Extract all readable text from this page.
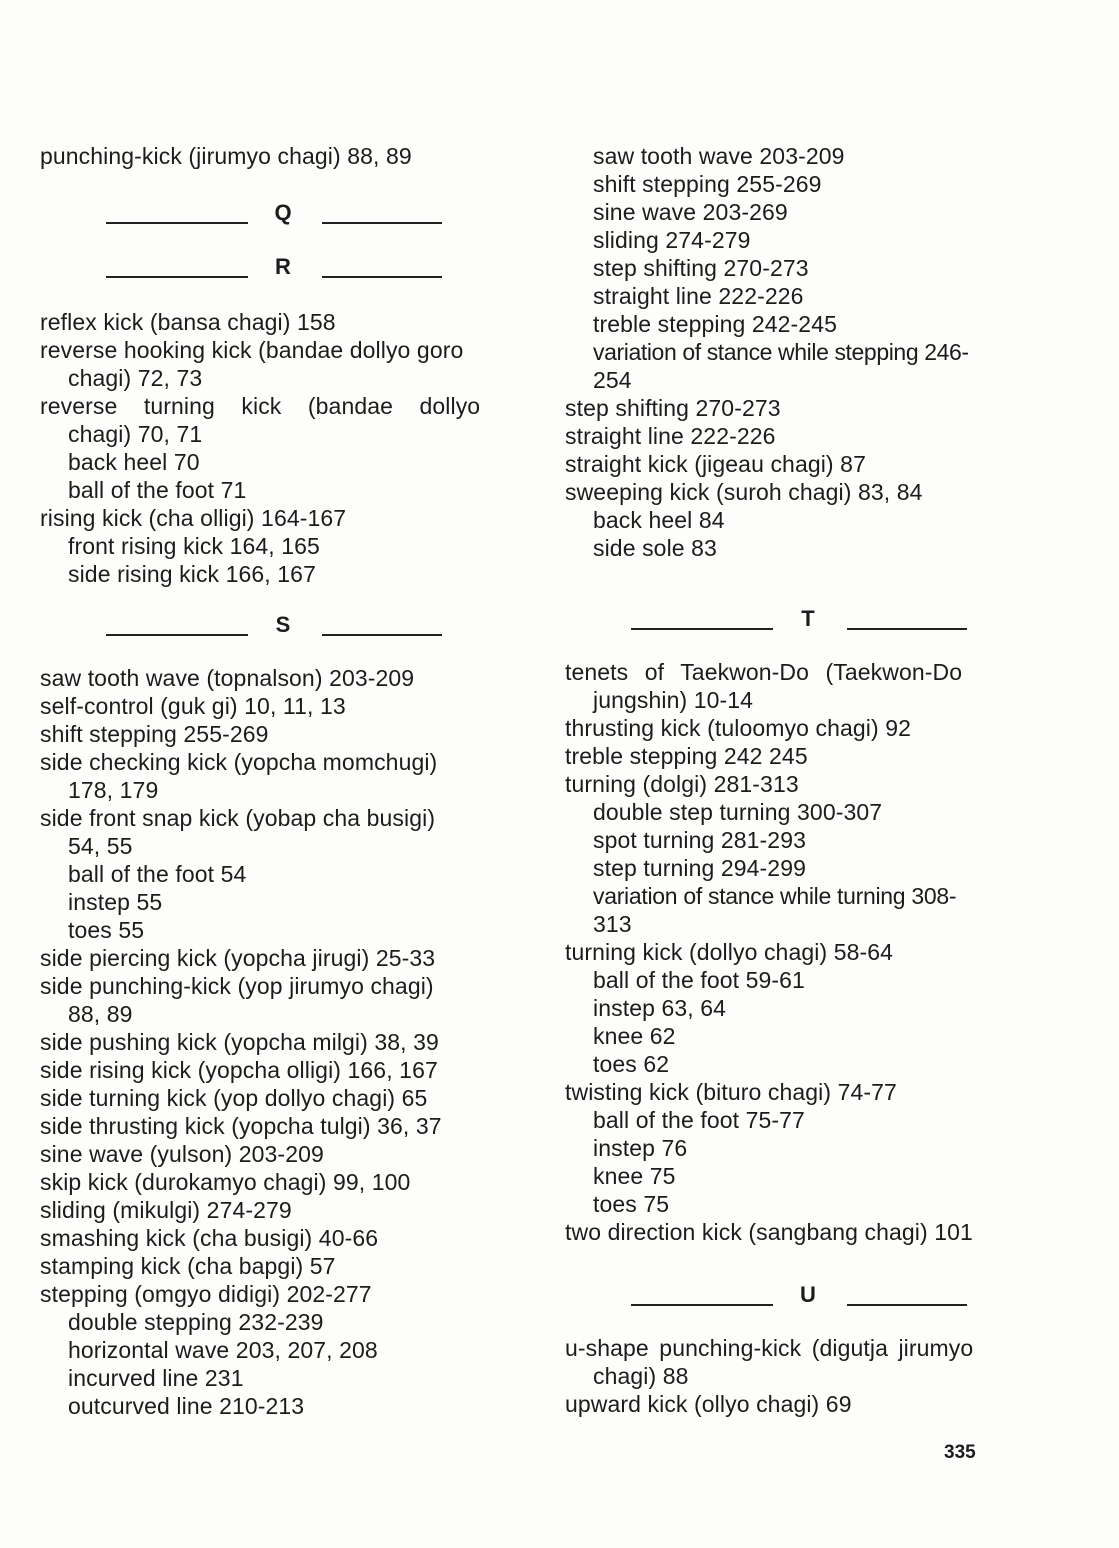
punching-kick (jirumyo chagi) 88, 89
Q
R
reflex kick (bansa chagi) 158
reverse hooking kick (bandae dollyo goro
chagi) 72, 73
reverse turning kick (bandae dollyo
chagi) 70, 71
back heel 70
ball of the foot 71
rising kick (cha olligi) 164-167
front rising kick 164, 165
side rising kick 166, 167
S
saw tooth wave (topnalson) 203-209
self-control (guk gi) 10, 11, 13
shift stepping 255-269
side checking kick (yopcha momchugi)
178, 179
side front snap kick (yobap cha busigi)
54, 55
ball of the foot 54
instep 55
toes 55
side piercing kick (yopcha jirugi) 25-33
side punching-kick (yop jirumyo chagi)
88, 89
side pushing kick (yopcha milgi) 38, 39
side rising kick (yopcha olligi) 166, 167
side turning kick (yop dollyo chagi) 65
side thrusting kick (yopcha tulgi) 36, 37
sine wave (yulson) 203-209
skip kick (durokamyo chagi) 99, 100
sliding (mikulgi) 274-279
smashing kick (cha busigi) 40-66
stamping kick (cha bapgi) 57
stepping (omgyo didigi) 202-277
double stepping 232-239
horizontal wave 203, 207, 208
incurved line 231
outcurved line 210-213
saw tooth wave 203-209
shift stepping 255-269
sine wave 203-269
sliding 274-279
step shifting 270-273
straight line 222-226
treble stepping 242-245
variation of stance while stepping 246-
254
step shifting 270-273
straight line 222-226
straight kick (jigeau chagi) 87
sweeping kick (suroh chagi) 83, 84
back heel 84
side sole 83
T
tenets of Taekwon-Do (Taekwon-Do
jungshin) 10-14
thrusting kick (tuloomyo chagi) 92
treble stepping 242 245
turning (dolgi) 281-313
double step turning 300-307
spot turning 281-293
step turning 294-299
variation of stance while turning 308-
313
turning kick (dollyo chagi) 58-64
ball of the foot 59-61
instep 63, 64
knee 62
toes 62
twisting kick (bituro chagi) 74-77
ball of the foot 75-77
instep 76
knee 75
toes 75
two direction kick (sangbang chagi) 101
U
u-shape punching-kick (digutja jirumyo
chagi) 88
upward kick (ollyo chagi) 69
335
